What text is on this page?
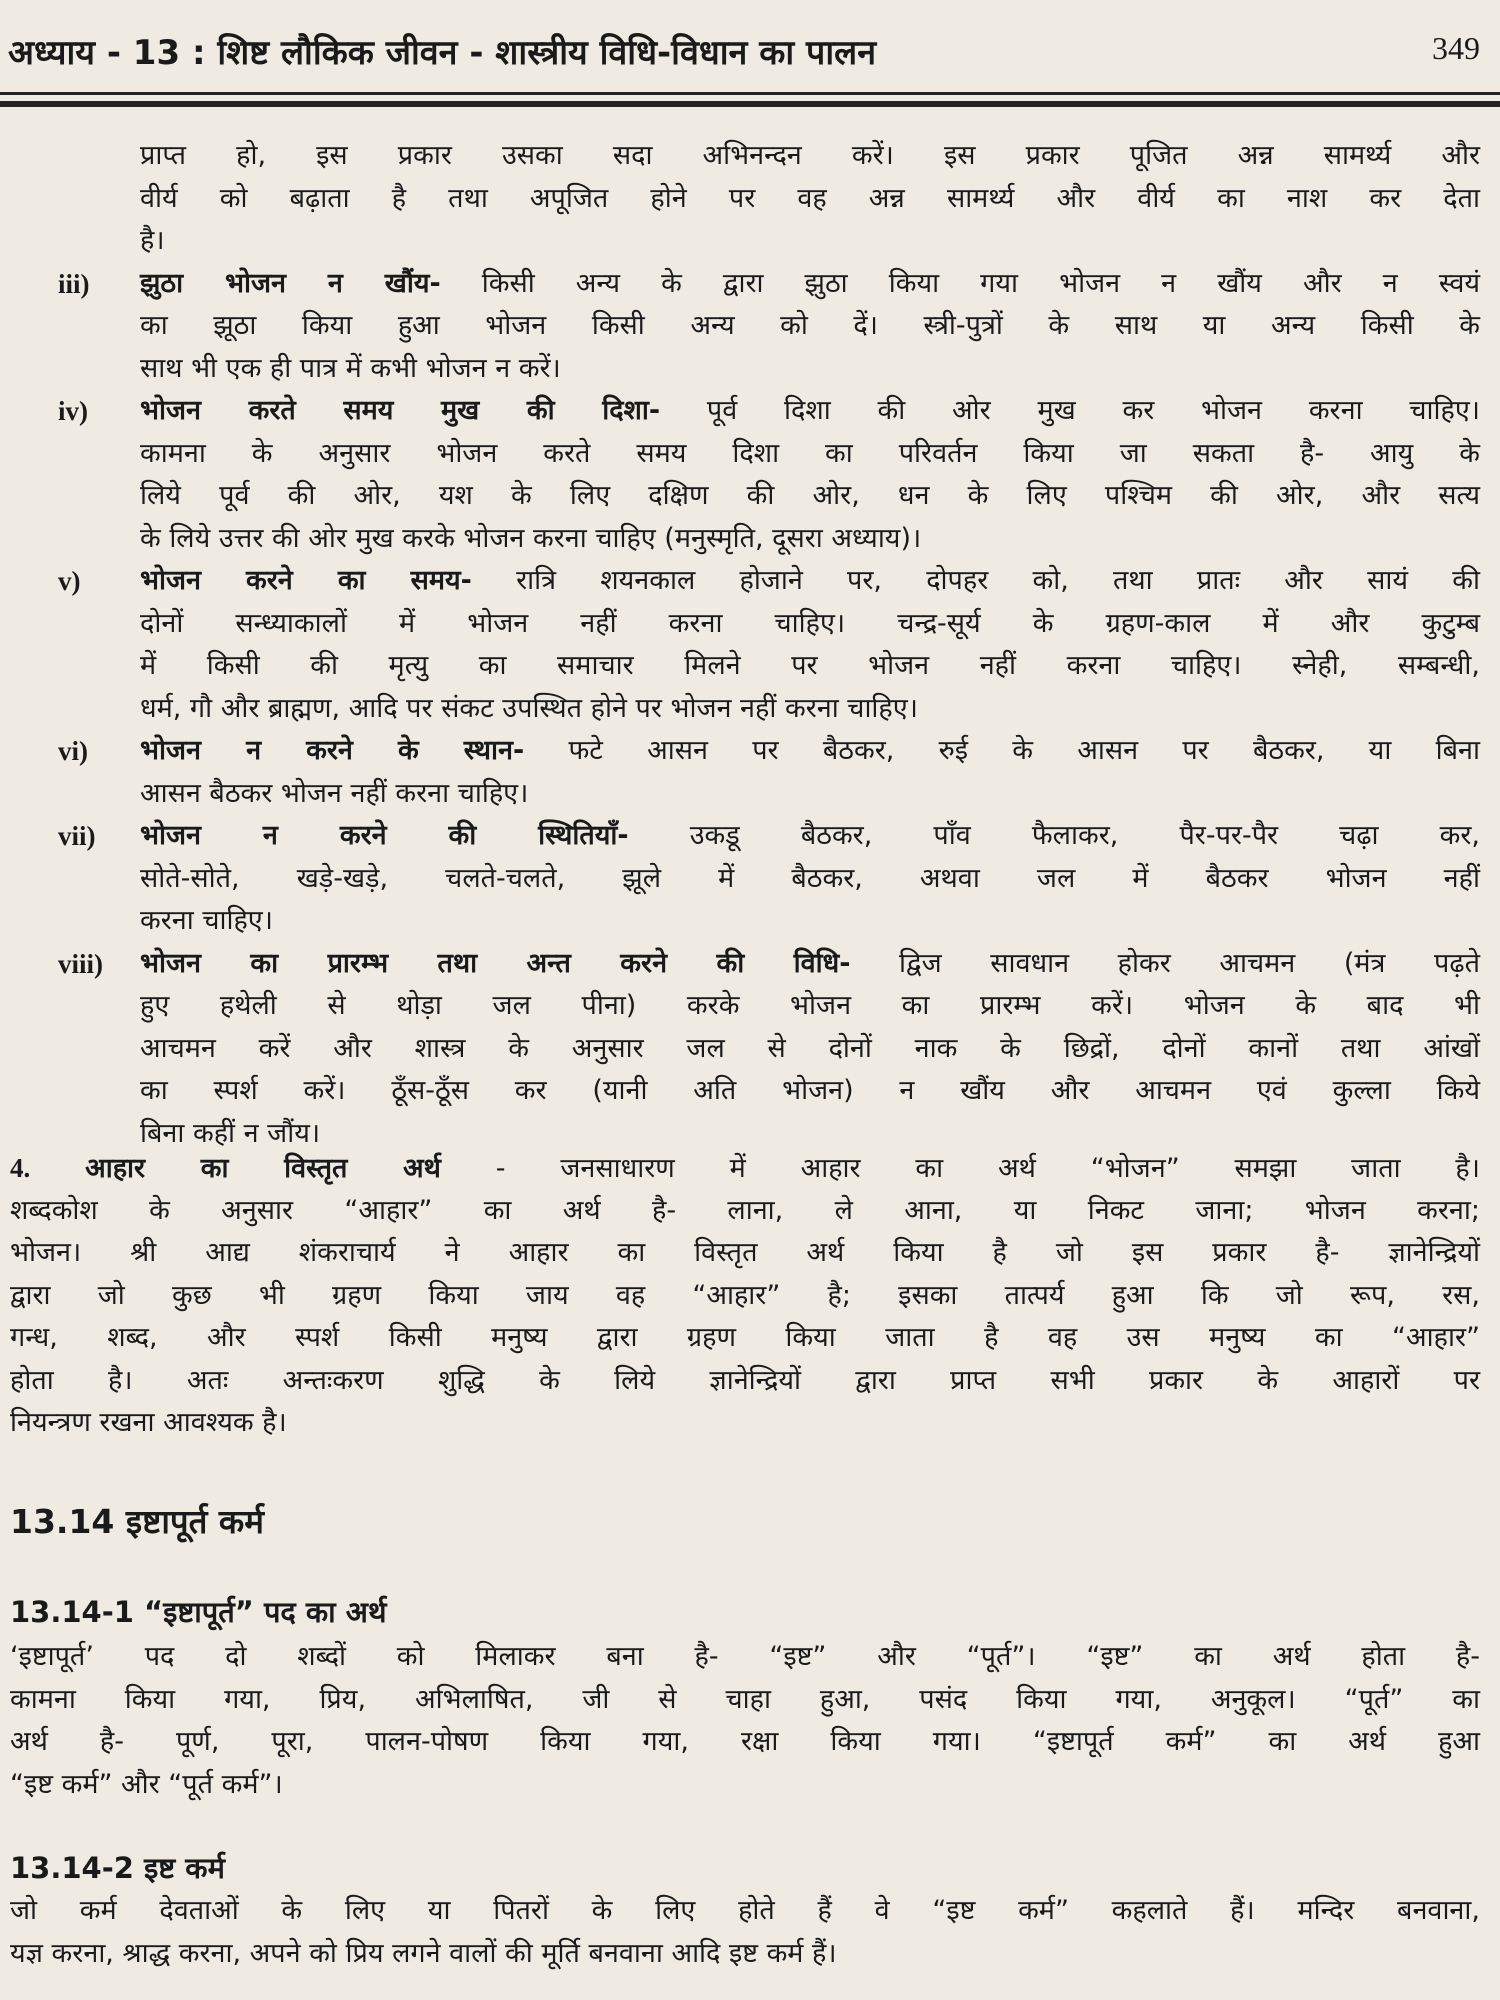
अध्याय - 13 : शिष्ट लौकिक जीवन - शास्त्रीय विधि-विधान का पालन	349
प्राप्त हो, इस प्रकार उसका सदा अभिनन्दन करें। इस प्रकार पूजित अन्न सामर्थ्य और
वीर्य को बढ़ाता है तथा अपूजित होने पर वह अन्न सामर्थ्य और वीर्य का नाश कर देता
है।
iii) झुठा भोजन न खौंय- किसी अन्य के द्वारा झुठा किया गया भोजन न खौंय और न स्वयं
का झूठा किया हुआ भोजन किसी अन्य को दें। स्त्री-पुत्रों के साथ या अन्य किसी के
साथ भी एक ही पात्र में कभी भोजन न करें।
iv) भोजन करते समय मुख की दिशा- पूर्व दिशा की ओर मुख कर भोजन करना चाहिए।
कामना के अनुसार भोजन करते समय दिशा का परिवर्तन किया जा सकता है- आयु के
लिये पूर्व की ओर, यश के लिए दक्षिण की ओर, धन के लिए पश्चिम की ओर, और सत्य
के लिये उत्तर की ओर मुख करके भोजन करना चाहिए (मनुस्मृति, दूसरा अध्याय)।
v) भोजन करने का समय- रात्रि शयनकाल होजाने पर, दोपहर को, तथा प्रातः और सायं की
दोनों सन्ध्याकालों में भोजन नहीं करना चाहिए। चन्द्र-सूर्य के ग्रहण-काल में और कुटुम्ब
में किसी की मृत्यु का समाचार मिलने पर भोजन नहीं करना चाहिए। स्नेही, सम्बन्धी,
धर्म, गौ और ब्राह्मण, आदि पर संकट उपस्थित होने पर भोजन नहीं करना चाहिए।
vi) भोजन न करने के स्थान- फटे आसन पर बैठकर, रुई के आसन पर बैठकर, या बिना
आसन बैठकर भोजन नहीं करना चाहिए।
vii) भोजन न करने की स्थितियाँ- उकडू बैठकर, पाँव फैलाकर, पैर-पर-पैर चढ़ा कर,
सोते-सोते, खड़े-खड़े, चलते-चलते, झूले में बैठकर, अथवा जल में बैठकर भोजन नहीं
करना चाहिए।
viii) भोजन का प्रारम्भ तथा अन्त करने की विधि- द्विज सावधान होकर आचमन (मंत्र पढ़ते
हुए हथेली से थोड़ा जल पीना) करके भोजन का प्रारम्भ करें। भोजन के बाद भी
आचमन करें और शास्त्र के अनुसार जल से दोनों नाक के छिद्रों, दोनों कानों तथा आंखों
का स्पर्श करें। ठूँस-ठूँस कर (यानी अति भोजन) न खौंय और आचमन एवं कुल्ला किये
बिना कहीं न जौंय।
4. आहार का विस्तृत अर्थ - जनसाधारण में आहार का अर्थ “भोजन” समझा जाता है।
शब्दकोश के अनुसार “आहार” का अर्थ है- लाना, ले आना, या निकट जाना; भोजन करना;
भोजन। श्री आद्य शंकराचार्य ने आहार का विस्तृत अर्थ किया है जो इस प्रकार है- ज्ञानेन्द्रियों
द्वारा जो कुछ भी ग्रहण किया जाय वह “आहार” है; इसका तात्पर्य हुआ कि जो रूप, रस,
गन्ध, शब्द, और स्पर्श किसी मनुष्य द्वारा ग्रहण किया जाता है वह उस मनुष्य का “आहार”
होता है। अतः अन्तःकरण शुद्धि के लिये ज्ञानेन्द्रियों द्वारा प्राप्त सभी प्रकार के आहारों पर
नियन्त्रण रखना आवश्यक है।
13.14 इष्टापूर्त कर्म
13.14-1 “इष्टापूर्त” पद का अर्थ
‘इष्टापूर्त’ पद दो शब्दों को मिलाकर बना है- “इष्ट” और “पूर्त”। “इष्ट” का अर्थ होता है-
कामना किया गया, प्रिय, अभिलाषित, जी से चाहा हुआ, पसंद किया गया, अनुकूल। “पूर्त” का
अर्थ है- पूर्ण, पूरा, पालन-पोषण किया गया, रक्षा किया गया। “इष्टापूर्त कर्म” का अर्थ हुआ
“इष्ट कर्म” और “पूर्त कर्म”।
13.14-2 इष्ट कर्म
जो कर्म देवताओं के लिए या पितरों के लिए होते हैं वे “इष्ट कर्म” कहलाते हैं। मन्दिर बनवाना,
यज्ञ करना, श्राद्ध करना, अपने को प्रिय लगने वालों की मूर्ति बनवाना आदि इष्ट कर्म हैं।
